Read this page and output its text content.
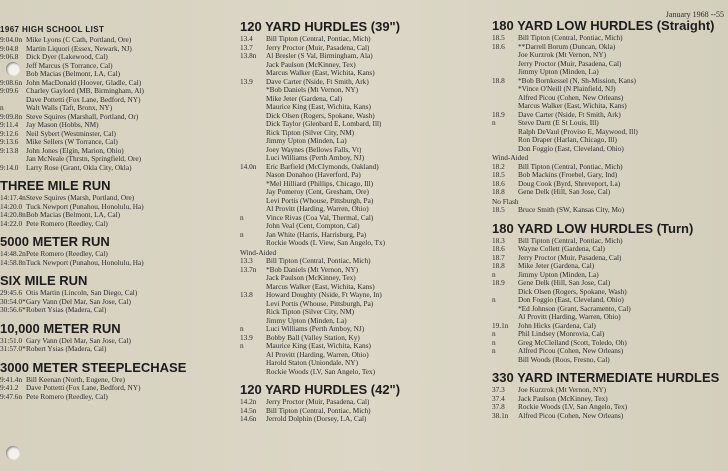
January 1968 --55
1967 HIGH SCHOOL LIST
9:04.0n Mike Lyons (C Cath, Portland, Ore)
9:04.8	Martin Liquori (Essex, Newark, NJ)
9:06.8	Dick Dyer (Lakewood, Cal)
Jeff Marcus (S Torrance, Cal)
Bob Macias (Belmont, LA, Cal)
9:08.6n John MacDonald (Hoover, Gladle, Cal)
9:09.6	Charley Gaylord (MB, Birmingham, Al)
Dave Pottetti (Fox Lane, Bedford, NY)
n	Walt Walls (Taft, Bronx, NY)
9:09.8n Steve Squires (Marshall, Portland, Or)
9:11.4	Jay Mason (Hobbs, NM)
9:12.6	Neil Sybert (Westminster, Cal)
9:13.6	Mike Sellers (W Torrance, Cal)
9:13.8	John Jones (Elgin, Marion, Ohio)
Jan McNeale (Thrstn, Springfield, Ore)
9:14.0	Larry Rose (Grant, Okla City, Okla)
THREE MILE RUN
14:17.4n Steve Squires (Marsh, Portland, Ore)
14:20.0 Tuck Newport (Punahou, Honolulu, Ha)
14:20.8n Bob Macias (Belmont, LA, Cal)
14:22.0 Pete Romero (Reedley, Cal)
5000 METER RUN
14:48.2n Pete Romero (Reedley, Cal)
14:58.8n Tuck Newport (Punahou, Honolulu, Ha)
SIX MILE RUN
29:45.6 Otis Martin (Lincoln, San Diego, Cal)
30:54.0* Gary Vann (Del Mar, San Jose, Cal)
30:56.6* Robert Ysias (Madera, Cal)
10,000 METER RUN
31:51.0 Gary Vann (Del Mar, San Jose, Cal)
31:57.0* Robert Ysias (Madera, Cal)
3000 METER STEEPLECHASE
9:41.4n Bill Keenan (North, Eugene, Ore)
9:41.2	Dave Pottetti (Fox Lane, Bedford, NY)
9:47.6n Pete Romero (Reedley, Cal)
120 YARD HURDLES (39")
13.4	Bill Tipton (Central, Pontiac, Mich)
13.7	Jerry Proctor (Muir, Pasadena, Cal)
13.8n	Al Bresler (S Val, Birmingham, Ala)
Jack Paulson (McKinney, Tex)
Marcus Walker (East, Wichita, Kans)
13.9	Dave Carter (Nside, Ft Smith, Ark)
*Bob Daniels (Mt Vernon, NY)
Mike Jeter (Gardena, Cal)
Maurice King (East, Wichita, Kans)
Dick Olsen (Rogers, Spokane, Wash)
Dick Taylor (Glenbard E, Lombard, Ill)
Rick Tipton (Silver City, NM)
Jimmy Upton (Minden, La)
Joey Waynes (Bellows Falls, Vt)
Luci Williams (Perth Amboy, NJ)
14.0n	Eric Barfield (McClymonds, Oakland)
Nason Donahoo (Haverford, Pa)
*Mel Hilliard (Phillips, Chicago, Ill)
Jay Pomeroy (Cent, Gresham, Ore)
Levi Portis (Whouse, Pittsburgh, Pa)
Al Provitt (Harding, Warren, Ohio)
n	Vince Rivas (Coa Val, Thermal, Cal)
John Veal (Cent, Compton, Cal)
n	Jan White (Harris, Harrisburg, Pa)
Rockie Woods (L View, San Angelo, Tx)
Wind-Aided
13.3	Bill Tipton (Central, Pontiac, Mich)
13.7n	*Bob Daniels (Mt Vernon, NY)
Jack Paulson (McKinney, Tex)
Marcus Walker (East, Wichita, Kans)
13.8	Howard Doughty (Nside, Ft Wayne, In)
Levi Portis (Whouse, Pittsburgh, Pa)
Rick Tipton (Silver City, NM)
Jimmy Upton (Minden, La)
n	Luci Williams (Perth Amboy, NJ)
13.9	Bobby Ball (Valley Station, Ky)
n	Maurice King (East, Wichita, Kans)
Al Provitt (Harding, Warren, Ohio)
Harold Staton (Uniondale, NY)
Rockie Woods (LV, San Angelo, Tex)
120 YARD HURDLES (42")
14.2n	Jerry Proctor (Muir, Pasadena, Cal)
14.5n	Bill Tipton (Central, Pontiac, Mich)
14.6n	Jerrold Dolphin (Dorsey, LA, Cal)
180 YARD LOW HURDLES (Straight)
18.5	Bill Tipton (Central, Pontiac, Mich)
18.6	**Darrell Borum (Duncan, Okla)
Joe Kurzrok (Mt Vernon, NY)
Jerry Proctor (Muir, Pasadena, Cal)
Jimmy Upton (Minden, La)
18.8	*Bob Bornkessel (N, Sh-Mission, Kans)
*Vince O'Neill (N Plainfield, NJ)
Alfred Picou (Cohen, New Orleans)
Marcus Walker (East, Wichita, Kans)
18.9	Dave Carter (Nside, Ft Smith, Ark)
n	Steve Dartt (E St Louis, Ill)
Ralph DeVaul (Proviso E, Maywood, Ill)
Ron Draper (Harlan, Chicago, Ill)
Don Foggio (East, Cleveland, Ohio)
Wind-Aided
18.2	Bill Tipton (Central, Pontiac, Mich)
18.5	Bob Mackins (Froebel, Gary, Ind)
18.6	Doug Cook (Byrd, Shreveport, La)
18.8	Gene Delk (Hill, San Jose, Cal)
No Flash
18.5	Bruce Smith (SW, Kansas City, Mo)
180 YARD LOW HURDLES (Turn)
18.3	Bill Tipton (Central, Pontiac, Mich)
18.6	Wayne Collett (Gardena, Cal)
18.7	Jerry Proctor (Muir, Pasadena, Cal)
18.8	Mike Jeter (Gardena, Cal)
n	Jimmy Upton (Minden, La)
18.9	Gene Delk (Hill, San Jose, Cal)
Dick Olsen (Rogers, Spokane, Wash)
n	Don Foggio (East, Cleveland, Ohio)
*Ed Johnson (Grant, Sacramento, Cal)
Al Provitt (Harding, Warren, Ohio)
19.1n	John Hicks (Gardena, Cal)
n	Phil Lindsey (Monrovia, Cal)
n	Greg McClelland (Scott, Toledo, Oh)
n	Alfred Picou (Cohen, New Orleans)
Bill Woods (Roos, Fresno, Cal)
330 YARD INTERMEDIATE HURDLES
37.3	Joe Kurzrok (Mt Vernon, NY)
37.4	Jack Paulson (McKinney, Tex)
37.8	Rockie Woods (LV, San Angelo, Tex)
38.1n	Alfred Picou (Cohen, New Orleans)
